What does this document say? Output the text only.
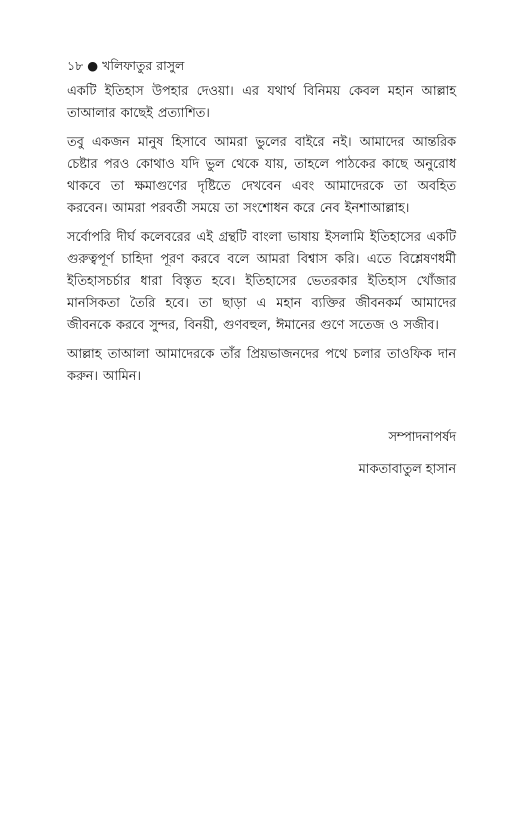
১৮ ● খলিফাতুর রাসুল

একটি ইতিহাস উপহার দেওয়া। এর যথার্থ বিনিময় কেবল মহান আল্লাহ তাআলার কাছেই প্রত্যাশিত।

তবু একজন মানুষ হিসাবে আমরা ভুলের বাইরে নই। আমাদের আন্তরিক চেষ্টার পরও কোথাও যদি ভুল থেকে যায়, তাহলে পাঠকের কাছে অনুরোধ থাকবে তা ক্ষমাগুণের দৃষ্টিতে দেখবেন এবং আমাদেরকে তা অবহিত করবেন। আমরা পরবর্তী সময়ে তা সংশোধন করে নেব ইনশাআল্লাহ।

সর্বোপরি দীর্ঘ কলেবরের এই গ্রন্থটি বাংলা ভাষায় ইসলামি ইতিহাসের একটি গুরুত্বপূর্ণ চাহিদা পূরণ করবে বলে আমরা বিশ্বাস করি। এতে বিশ্লেষণধর্মী ইতিহাসচর্চার ধারা বিস্তৃত হবে। ইতিহাসের ভেতরকার ইতিহাস খোঁজার মানসিকতা তৈরি হবে। তা ছাড়া এ মহান ব্যক্তির জীবনকর্ম আমাদের জীবনকে করবে সুন্দর, বিনয়ী, গুণবহুল, ঈমানের গুণে সতেজ ও সজীব।

আল্লাহ তাআলা আমাদেরকে তাঁর প্রিয়ভাজনদের পথে চলার তাওফিক দান করুন। আমিন।

সম্পাদনাপর্ষদ
মাকতাবাতুল হাসান
